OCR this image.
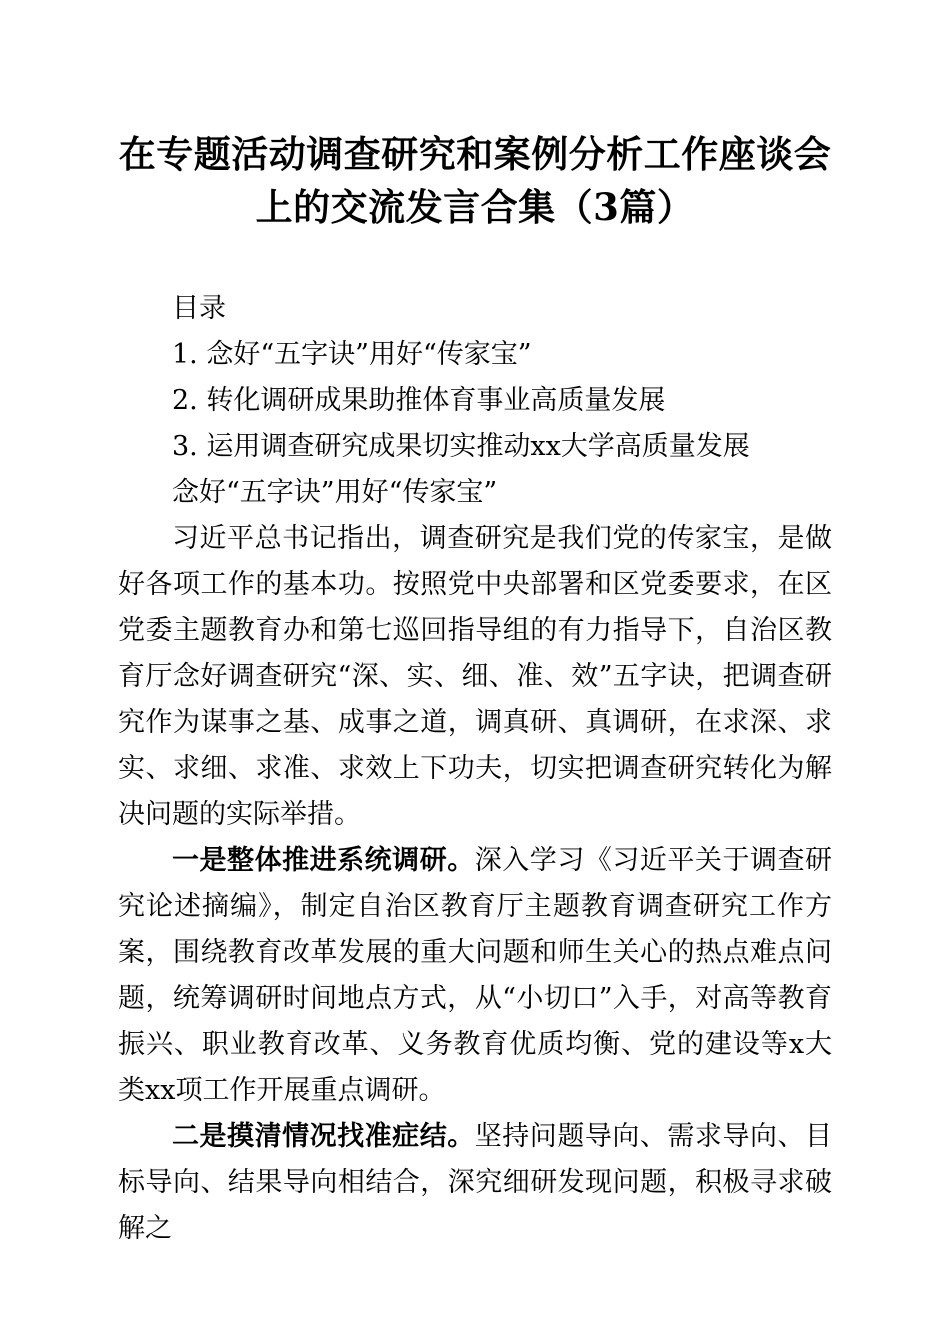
在专题活动调查研究和案例分析工作座谈会上的交流发言合集（3篇）

目录

1. 念好“五字诀”用好“传家宝”

2. 转化调研成果助推体育事业高质量发展

3. 运用调查研究成果切实推动xx大学高质量发展

念好“五字诀”用好“传家宝”

习近平总书记指出，调查研究是我们党的传家宝，是做好各项工作的基本功。按照党中央部署和区党委要求，在区党委主题教育办和第七巡回指导组的有力指导下，自治区教育厅念好调查研究“深、实、细、准、效”五字诀，把调查研究作为谋事之基、成事之道，调真研、真调研，在求深、求实、求细、求准、求效上下功夫，切实把调查研究转化为解决问题的实际举措。

一是整体推进系统调研。深入学习《习近平关于调查研究论述摘编》，制定自治区教育厅主题教育调查研究工作方案，围绕教育改革发展的重大问题和师生关心的热点难点问题，统筹调研时间地点方式，从“小切口”入手，对高等教育振兴、职业教育改革、义务教育优质均衡、党的建设等x大类xx项工作开展重点调研。

二是摸清情况找准症结。坚持问题导向、需求导向、目标导向、结果导向相结合，深究细研发现问题，积极寻求破解之
